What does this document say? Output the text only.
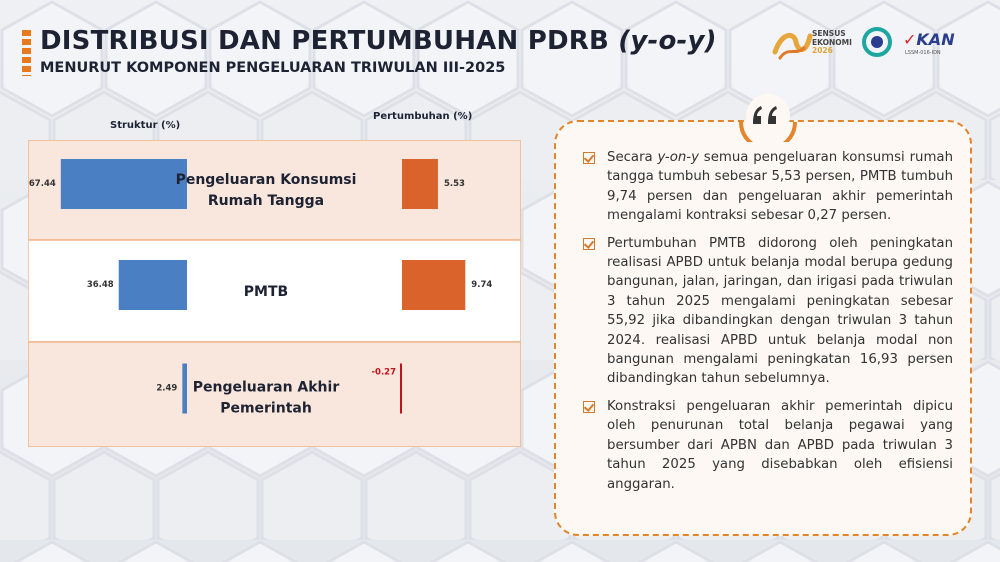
DISTRIBUSI DAN PERTUMBUHAN PDRB (y-o-y)
MENURUT KOMPONEN PENGELUARAN TRIWULAN III-2025
SENSUS
EKONOMI
2026
✓KAN
LSSM-016-IDN
Struktur (%)
Pertumbuhan (%)
67.44	5.53
Pengeluaran Konsumsi
Rumah Tangga
36.48	9.74
PMTB
2.49
-0.27
Pengeluaran Akhir
Pemerintah
Secara y-on-y semua pengeluaran konsumsi rumah tangga tumbuh sebesar 5,53 persen, PMTB tumbuh 9,74 persen dan pengeluaran akhir pemerintah mengalami kontraksi sebesar 0,27 persen.
Pertumbuhan PMTB didorong oleh peningkatan realisasi APBD untuk belanja modal berupa gedung bangunan, jalan, jaringan, dan irigasi pada triwulan 3 tahun 2025 mengalami peningkatan sebesar 55,92 jika dibandingkan dengan triwulan 3 tahun 2024. realisasi APBD untuk belanja modal non bangunan mengalami peningkatan 16,93 persen dibandingkan tahun sebelumnya.
Konstraksi pengeluaran akhir pemerintah dipicu oleh penurunan total belanja pegawai yang bersumber dari APBN dan APBD pada triwulan 3 tahun 2025 yang disebabkan oleh efisiensi anggaran.
